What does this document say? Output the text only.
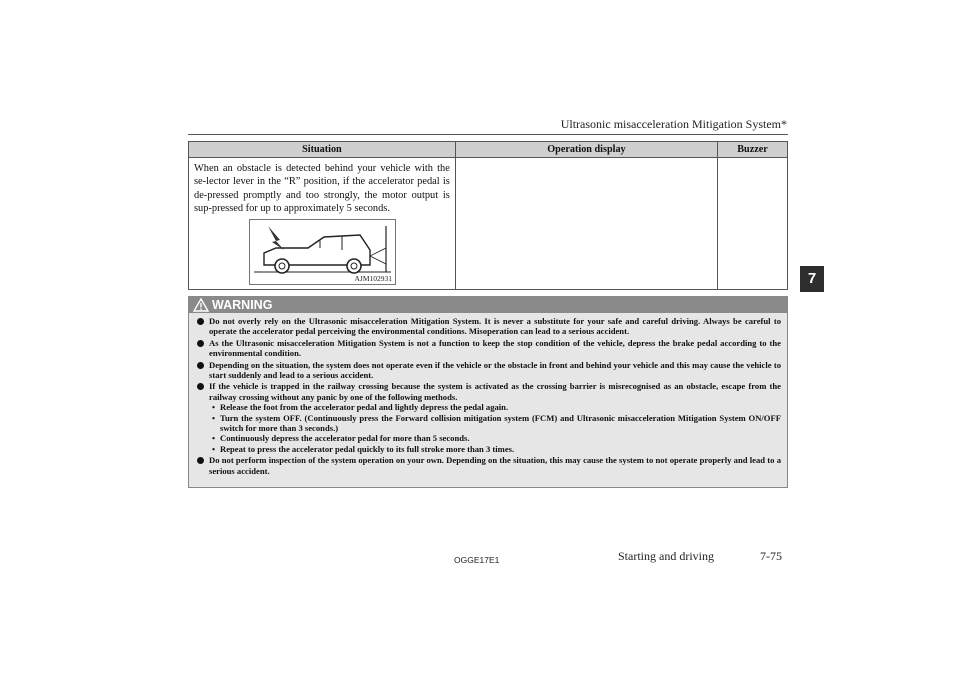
Ultrasonic misacceleration Mitigation System*
7
Situation	Operation display	Buzzer

When an obstacle is detected behind your vehicle with the se-lector lever in the “R” position, if the accelerator pedal is de-pressed promptly and too strongly, the motor output is sup-pressed for up to approximately 5 seconds.
AJM102931		

WARNING
Do not overly rely on the Ultrasonic misacceleration Mitigation System. It is never a substitute for your safe and careful driving. Always be careful to operate the accelerator pedal perceiving the environmental conditions. Misoperation can lead to a serious accident.
As the Ultrasonic misacceleration Mitigation System is not a function to keep the stop condition of the vehicle, depress the brake pedal according to the environmental condition.
Depending on the situation, the system does not operate even if the vehicle or the obstacle in front and behind your vehicle and this may cause the vehicle to start suddenly and lead to a serious accident.
If the vehicle is trapped in the railway crossing because the system is activated as the crossing barrier is misrecognised as an obstacle, escape from the railway crossing without any panic by one of the following methods.
• Release the foot from the accelerator pedal and lightly depress the pedal again.
• Turn the system OFF. (Continuously press the Forward collision mitigation system (FCM) and Ultrasonic misacceleration Mitigation System ON/OFF switch for more than 3 seconds.)
• Continuously depress the accelerator pedal for more than 5 seconds.
• Repeat to press the accelerator pedal quickly to its full stroke more than 3 times.
Do not perform inspection of the system operation on your own. Depending on the situation, this may cause the system to not operate properly and lead to a serious accident.
OGGE17E1	Starting and driving	7-75
